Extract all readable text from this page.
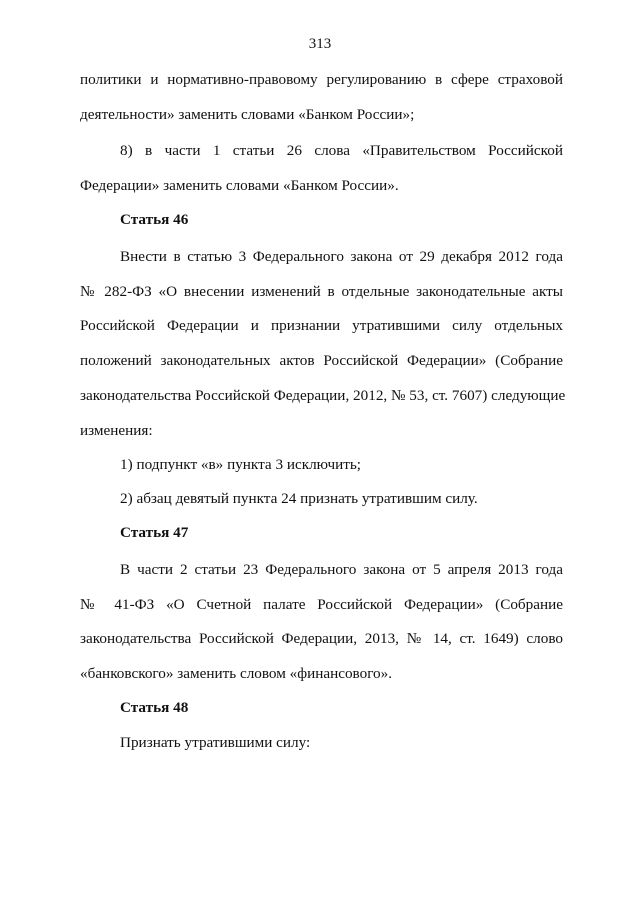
313
политики и нормативно-правовому регулированию в сфере страховой
деятельности» заменить словами «Банком России»;
8) в части 1 статьи 26 слова «Правительством Российской
Федерации» заменить словами «Банком России».
Статья 46
Внести в статью 3 Федерального закона от 29 декабря 2012 года
№ 282-ФЗ «О внесении изменений в отдельные законодательные акты
Российской Федерации и признании утратившими силу отдельных
положений законодательных актов Российской Федерации» (Собрание
законодательства Российской Федерации, 2012, № 53, ст. 7607) следующие
изменения:
1) подпункт «в» пункта 3 исключить;
2) абзац девятый пункта 24 признать утратившим силу.
Статья 47
В части 2 статьи 23 Федерального закона от 5 апреля 2013 года
№ 41-ФЗ «О Счетной палате Российской Федерации» (Собрание
законодательства Российской Федерации, 2013, № 14, ст. 1649) слово
«банковского» заменить словом «финансового».
Статья 48
Признать утратившими силу:
